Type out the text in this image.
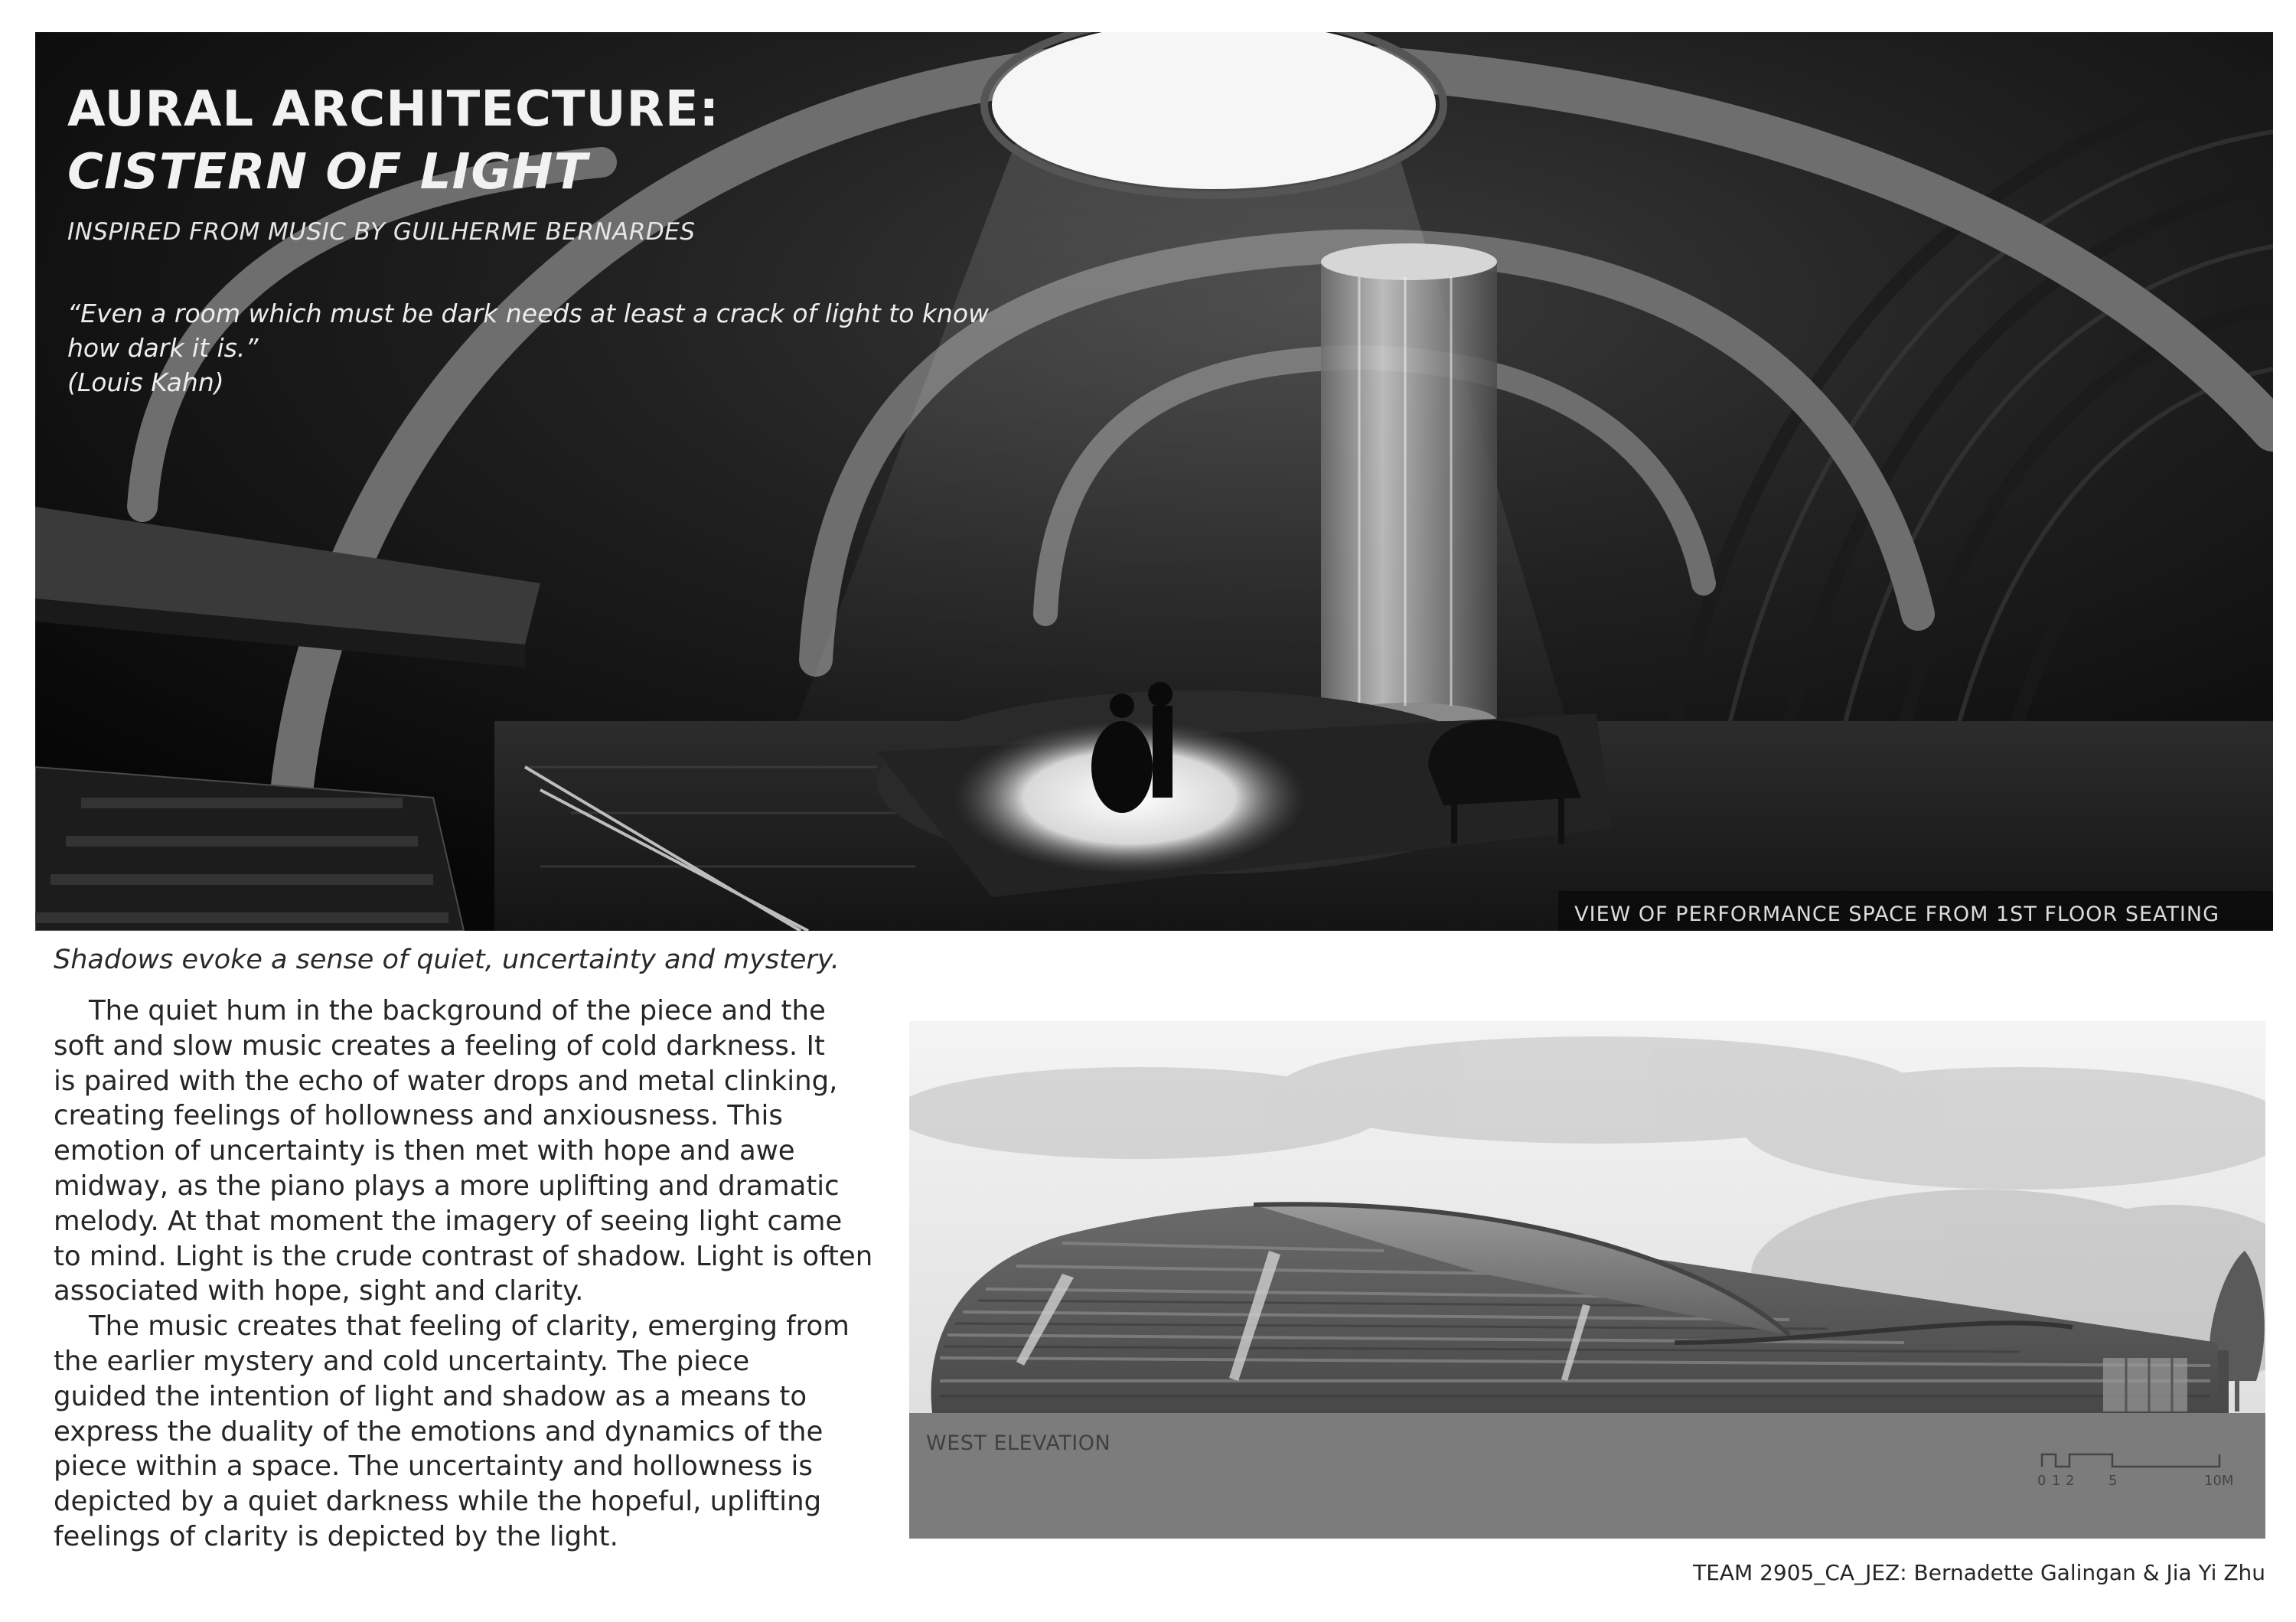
AURAL ARCHITECTURE:
CISTERN OF LIGHT
INSPIRED FROM MUSIC BY GUILHERME BERNARDES

“Even a room which must be dark needs at least a crack of light to know
how dark it is.”
(Louis Kahn)

VIEW OF PERFORMANCE SPACE FROM 1ST FLOOR SEATING

Shadows evoke a sense of quiet, uncertainty and mystery.

The quiet hum in the background of the piece and the
soft and slow music creates a feeling of cold darkness. It
is paired with the echo of water drops and metal clinking,
creating feelings of hollowness and anxiousness. This
emotion of uncertainty is then met with hope and awe
midway, as the piano plays a more uplifting and dramatic
melody. At that moment the imagery of seeing light came
to mind. Light is the crude contrast of shadow. Light is often
associated with hope, sight and clarity.
The music creates that feeling of clarity, emerging from
the earlier mystery and cold uncertainty. The piece
guided the intention of light and shadow as a means to
express the duality of the emotions and dynamics of the
piece within a space. The uncertainty and hollowness is
depicted by a quiet darkness while the hopeful, uplifting
feelings of clarity is depicted by the light.
WEST ELEVATION
0 1 2 5	10M
TEAM 2905_CA_JEZ: Bernadette Galingan & Jia Yi Zhu
